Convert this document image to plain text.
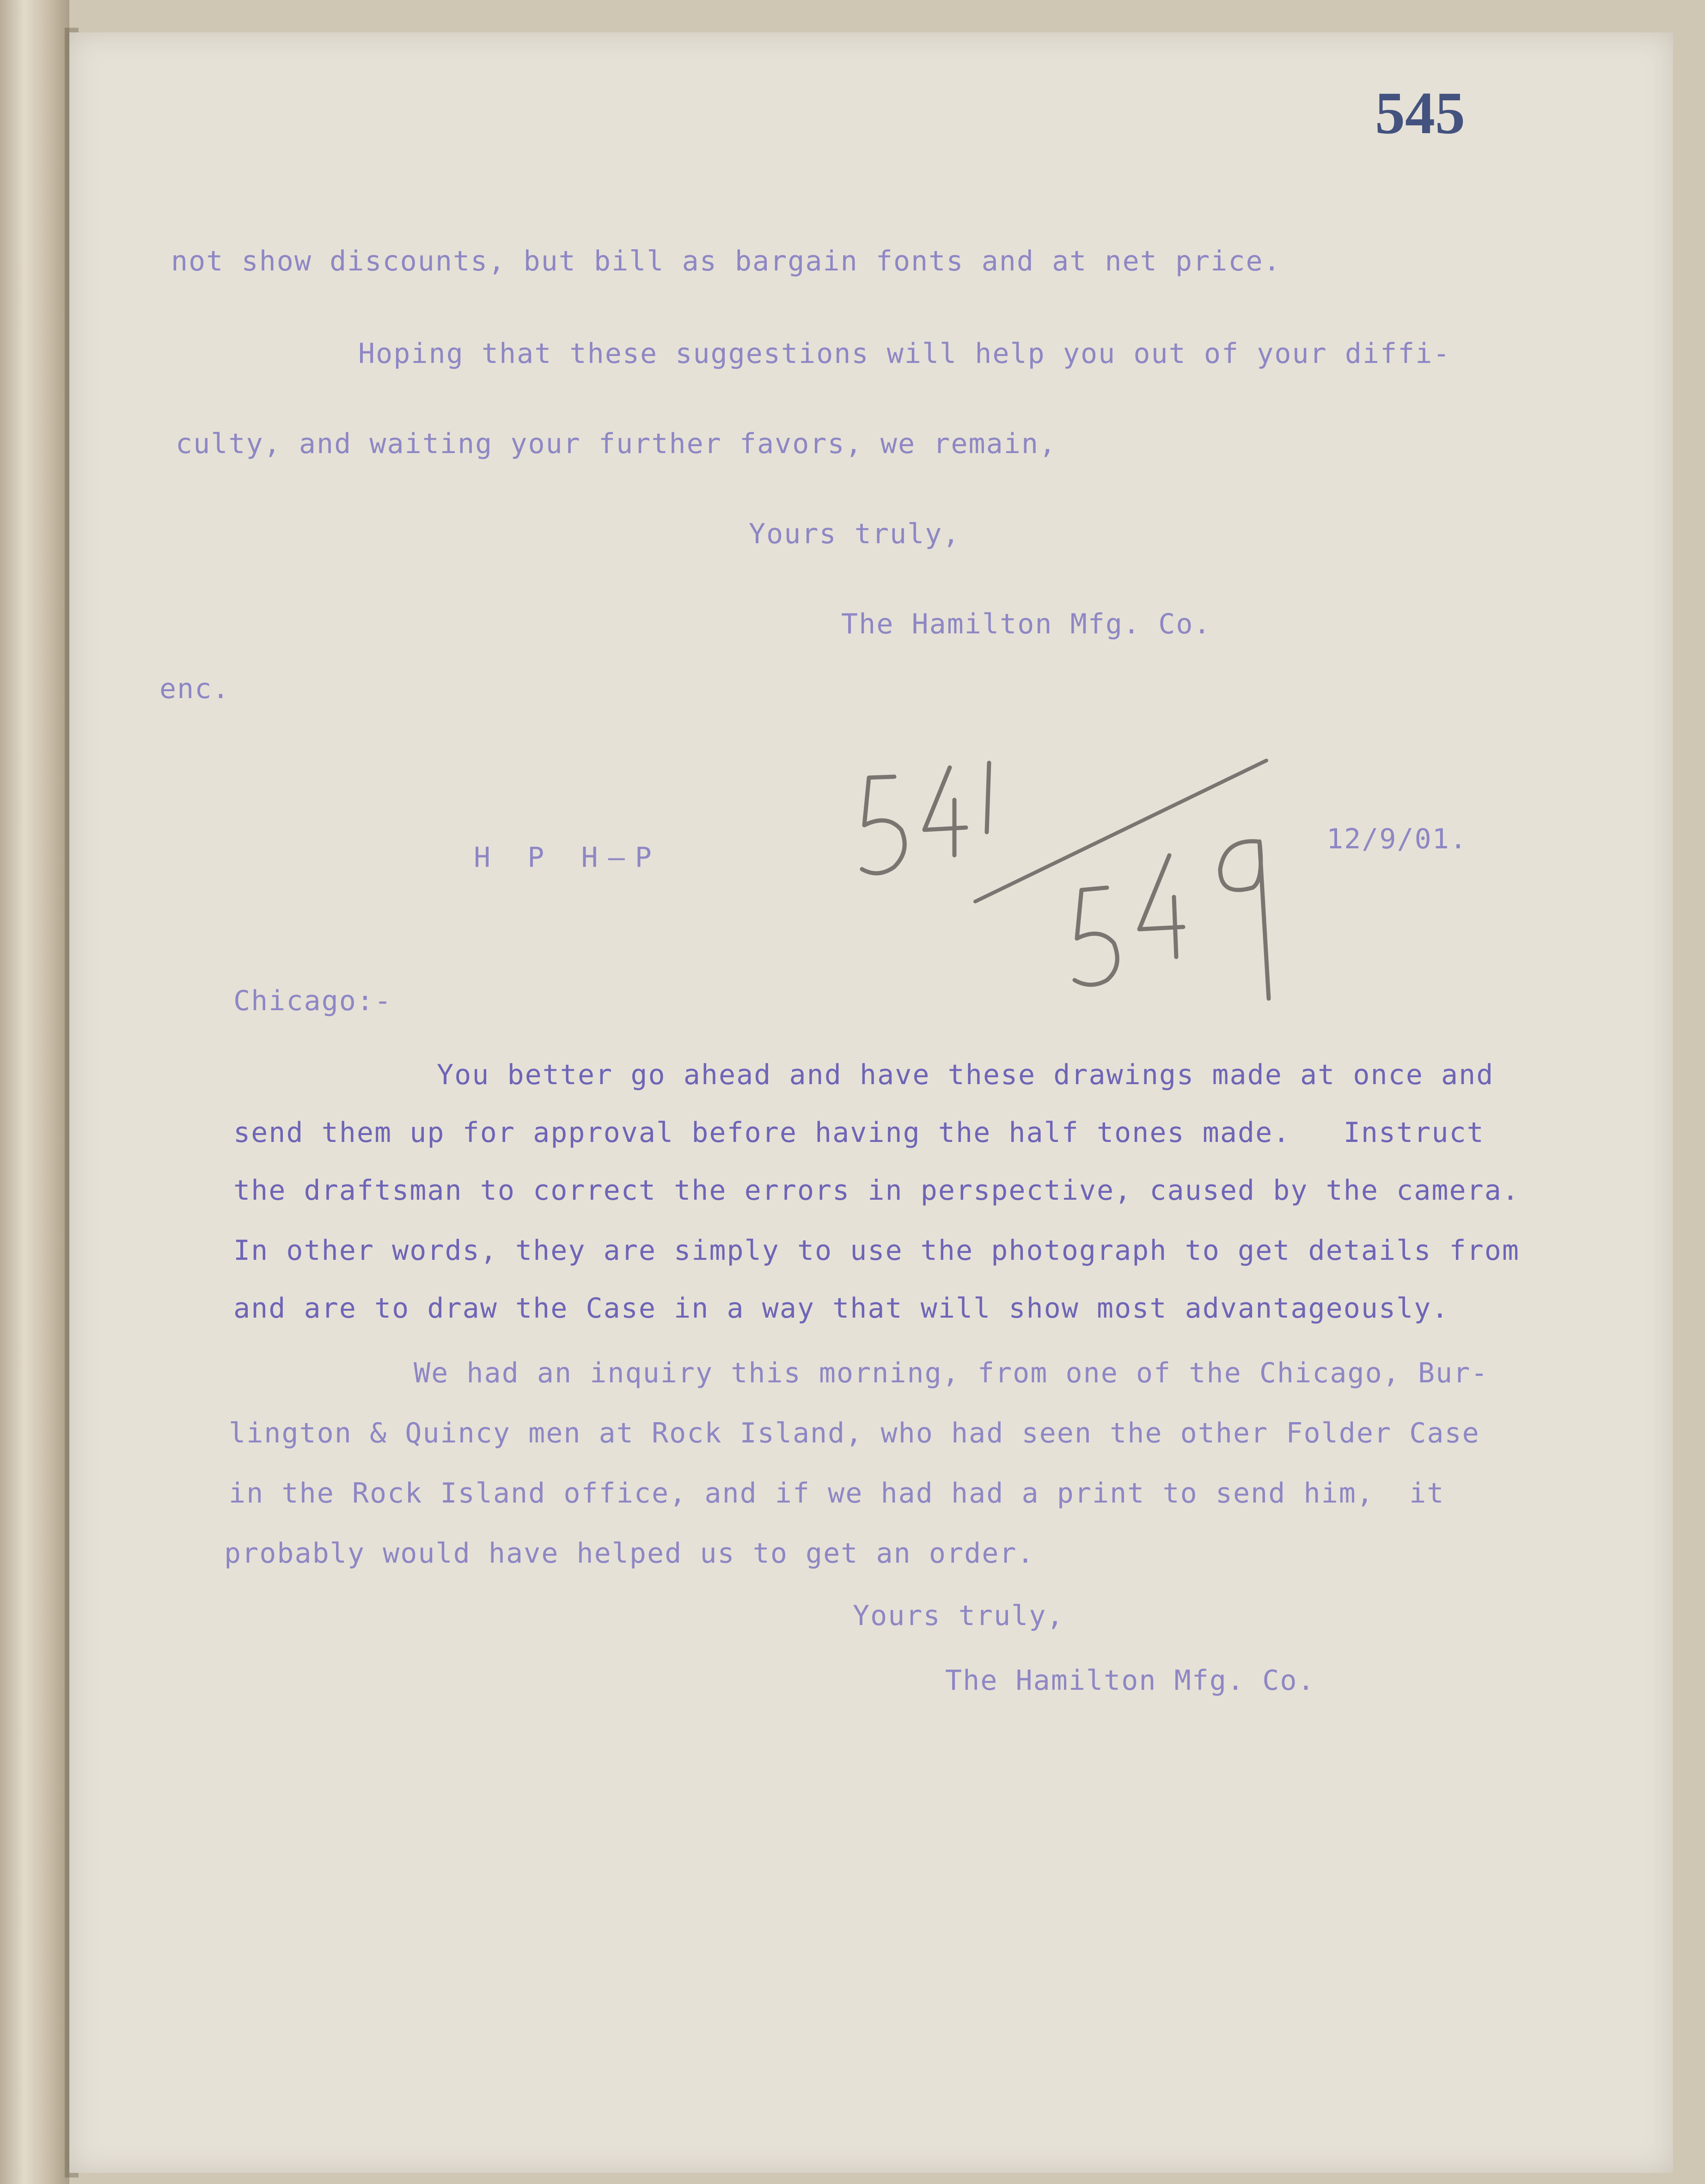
545

not show discounts, but bill as bargain fonts and at net price.

Hoping that these suggestions will help you out of your diffi-

culty, and waiting your further favors, we remain,

Yours truly,

The Hamilton Mfg. Co.

enc.

H P H—P

12/9/01.

Chicago:-

You better go ahead and have these drawings made at once and

send them up for approval before having the half tones made.   Instruct

the draftsman to correct the errors in perspective, caused by the camera.

In other words, they are simply to use the photograph to get details from

and are to draw the Case in a way that will show most advantageously.

We had an inquiry this morning, from one of the Chicago, Bur-

lington & Quincy men at Rock Island, who had seen the other Folder Case

in the Rock Island office, and if we had had a print to send him,  it

probably would have helped us to get an order.

Yours truly,

The Hamilton Mfg. Co.
